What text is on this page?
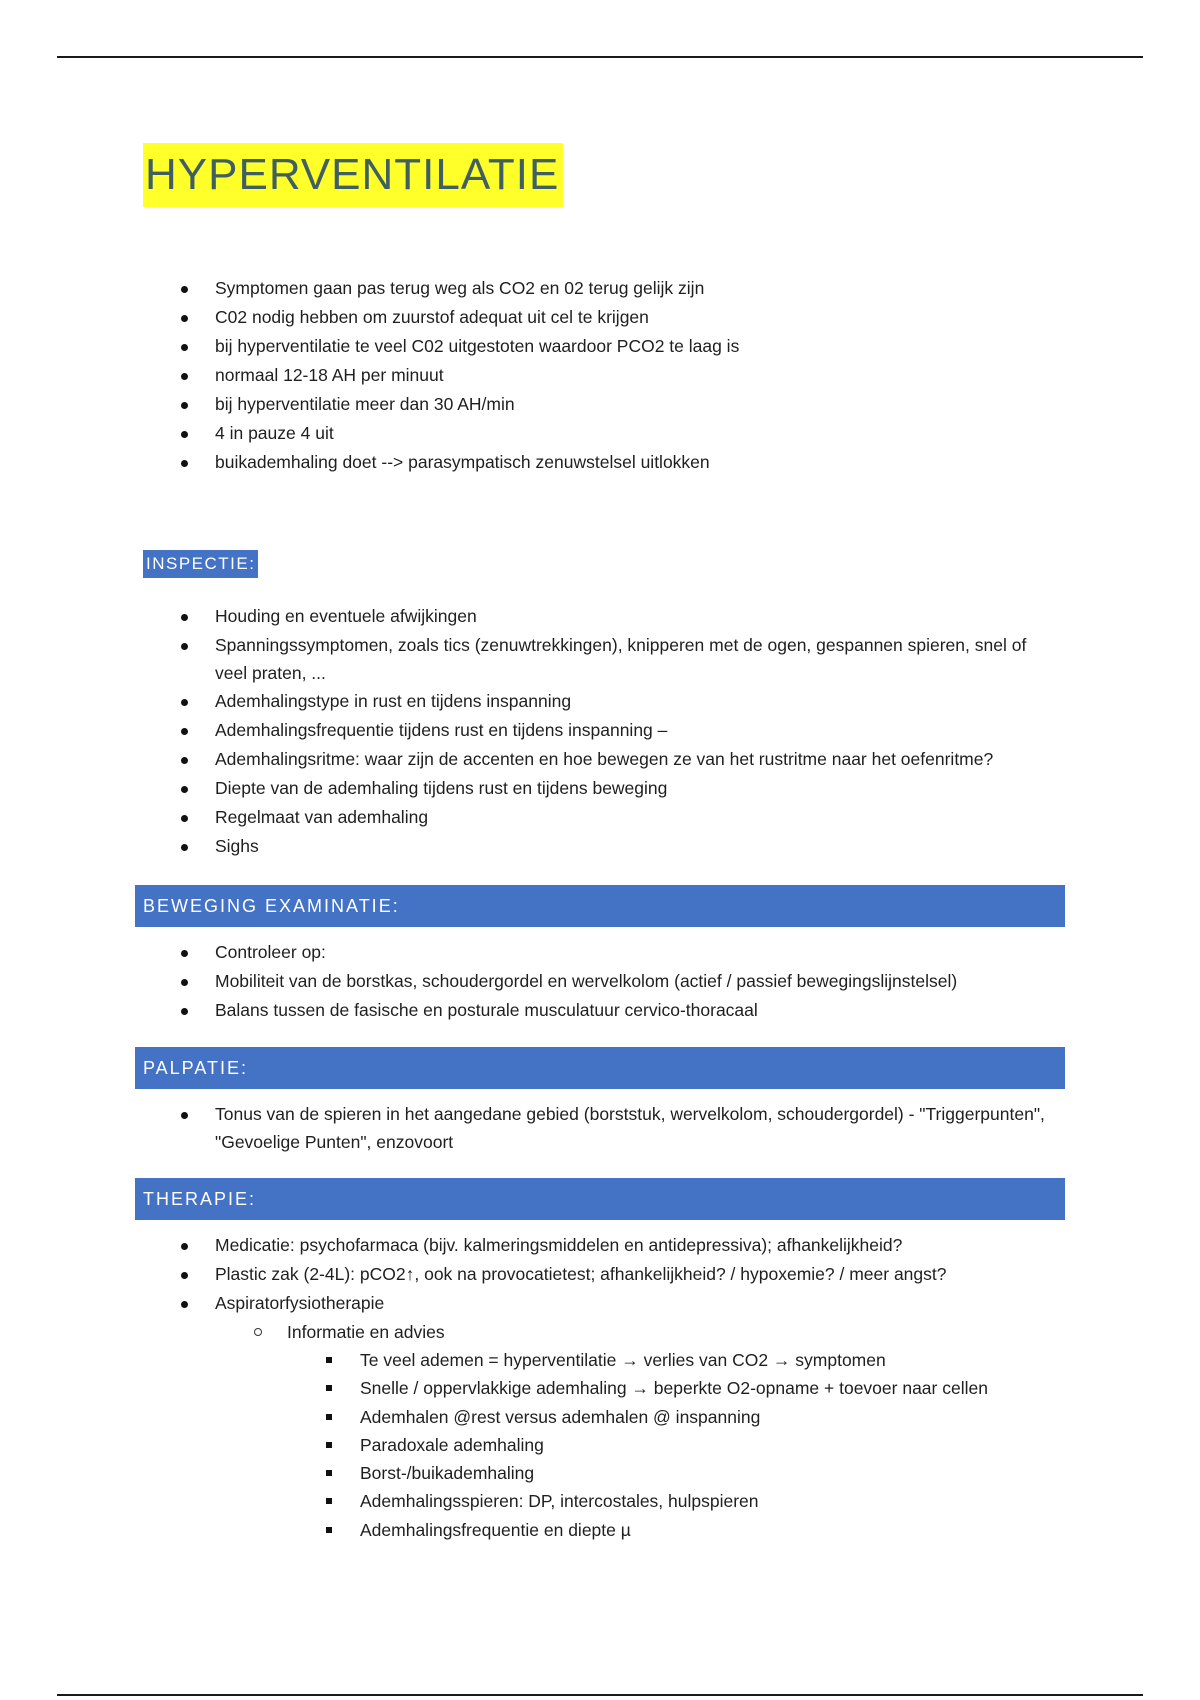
HYPERVENTILATIE
Symptomen gaan pas terug weg als CO2 en 02 terug gelijk zijn
C02 nodig hebben om zuurstof adequat uit cel te krijgen
bij hyperventilatie te veel C02 uitgestoten waardoor PCO2 te laag is
normaal 12-18 AH per minuut
bij hyperventilatie meer dan 30 AH/min
4 in pauze 4 uit
buikademhaling doet --> parasympatisch zenuwstelsel uitlokken
INSPECTIE:
Houding en eventuele afwijkingen
Spanningssymptomen, zoals tics (zenuwtrekkingen), knipperen met de ogen, gespannen spieren, snel of veel praten, ...
Ademhalingstype in rust en tijdens inspanning
Ademhalingsfrequentie tijdens rust en tijdens inspanning –
Ademhalingsritme: waar zijn de accenten en hoe bewegen ze van het rustritme naar het oefenritme?
Diepte van de ademhaling tijdens rust en tijdens beweging
Regelmaat van ademhaling
Sighs
BEWEGING EXAMINATIE:
Controleer op:
Mobiliteit van de borstkas, schoudergordel en wervelkolom (actief / passief bewegingslijnstelsel)
Balans tussen de fasische en posturale musculatuur cervico-thoracaal
PALPATIE:
Tonus van de spieren in het aangedane gebied (borststuk, wervelkolom, schoudergordel) - "Triggerpunten", "Gevoelige Punten", enzovoort
THERAPIE:
Medicatie: psychofarmaca (bijv. kalmeringsmiddelen en antidepressiva); afhankelijkheid?
Plastic zak (2-4L): pCO2↑, ook na provocatietest; afhankelijkheid? / hypoxemie? / meer angst?
Aspiratorfysiotherapie
Informatie en advies
Te veel ademen = hyperventilatie → verlies van CO2 → symptomen
Snelle / oppervlakkige ademhaling → beperkte O2-opname + toevoer naar cellen
Ademhalen @rest versus ademhalen @ inspanning
Paradoxale ademhaling
Borst-/buikademhaling
Ademhalingsspieren: DP, intercostales, hulpspieren
Ademhalingsfrequentie en diepte µ
